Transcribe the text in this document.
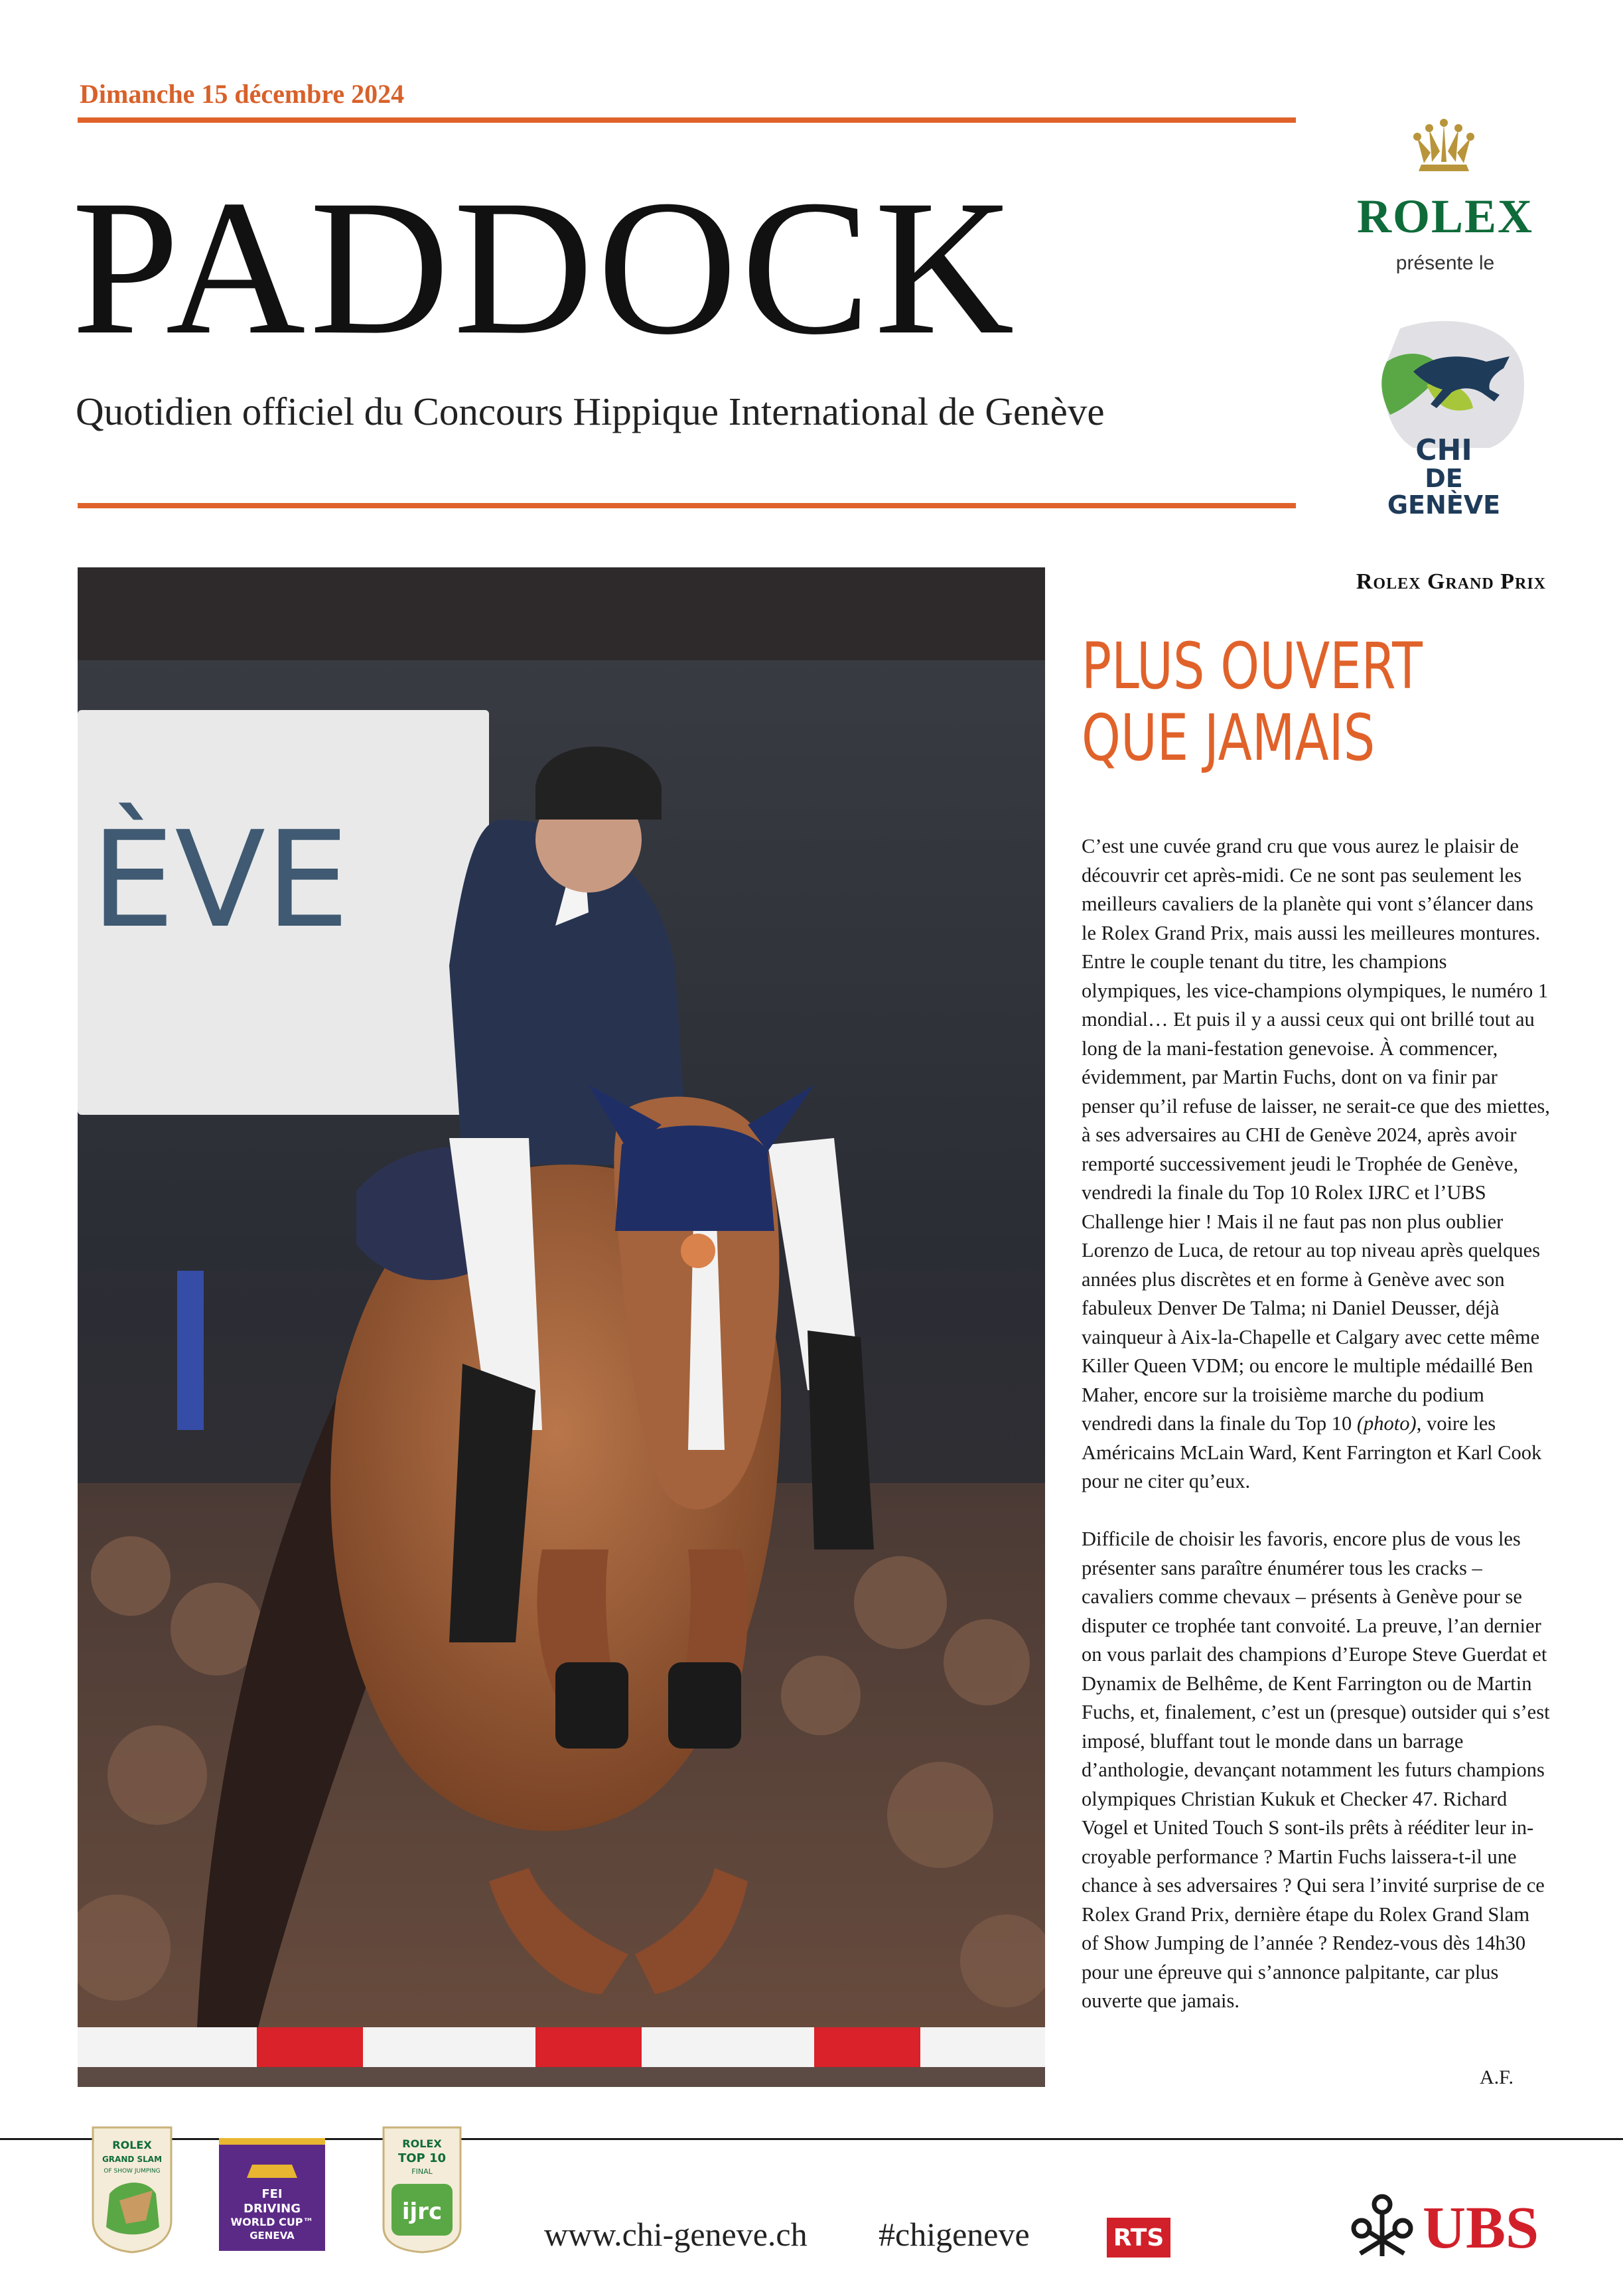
Dimanche 15 décembre 2024
PADDOCK
Quotidien officiel du Concours Hippique International de Genève
ROLEX
présente le
CHI
DE GENÈVE
ÈVE
Rolex Grand Prix
PLUS OUVERT
QUE JAMAIS

C’est une cuvée grand cru que vous aurez le plaisir de découvrir cet après-midi. Ce ne sont pas seulement les meilleurs cavaliers de la planète qui vont s’élancer dans le Rolex Grand Prix, mais aussi les meilleures montures. Entre le couple tenant du titre, les champions olympiques, les vice-champions olympiques, le numéro 1 mondial… Et puis il y a aussi ceux qui ont brillé tout au long de la mani-festation genevoise. À commencer, évidemment, par Martin Fuchs, dont on va finir par penser qu’il refuse de laisser, ne serait-ce que des miettes, à ses adversaires au CHI de Genève 2024, après avoir remporté successivement jeudi le Trophée de Genève, vendredi la finale du Top 10 Rolex IJRC et l’UBS Challenge hier ! Mais il ne faut pas non plus oublier Lorenzo de Luca, de retour au top niveau après quelques années plus discrètes et en forme à Genève avec son fabuleux Denver De Talma; ni Daniel Deusser, déjà vainqueur à Aix-la-Chapelle et Calgary avec cette même Killer Queen VDM; ou encore le multiple médaillé Ben Maher, encore sur la troisième marche du podium vendredi dans la finale du Top 10 (photo), voire les Américains McLain Ward, Kent Farrington et Karl Cook pour ne citer qu’eux.

Difficile de choisir les favoris, encore plus de vous les présenter sans paraître énumérer tous les cracks – cavaliers comme chevaux – présents à Genève pour se disputer ce trophée tant convoité. La preuve, l’an dernier on vous parlait des champions d’Europe Steve Guerdat et Dynamix de Belhême, de Kent Farrington ou de Martin Fuchs, et, finalement, c’est un (presque) outsider qui s’est imposé, bluffant tout le monde dans un barrage d’anthologie, devançant notamment les futurs champions olympiques Christian Kukuk et Checker 47. Richard Vogel et United Touch S sont-ils prêts à rééditer leur in-croyable performance ? Martin Fuchs laissera-t-il une chance à ses adversaires ? Qui sera l’invité surprise de ce Rolex Grand Prix, dernière étape du Rolex Grand Slam of Show Jumping de l’année ? Rendez-vous dès 14h30 pour une épreuve qui s’annonce palpitante, car plus ouverte que jamais.

A.F.
ROLEX
GRAND SLAM
OF SHOW JUMPING
FEI
DRIVING
WORLD CUP™
GENEVA
ROLEX
TOP 10
FINAL
ijrc
www.chi-geneve.ch #chigeneve	RTS	UBS
